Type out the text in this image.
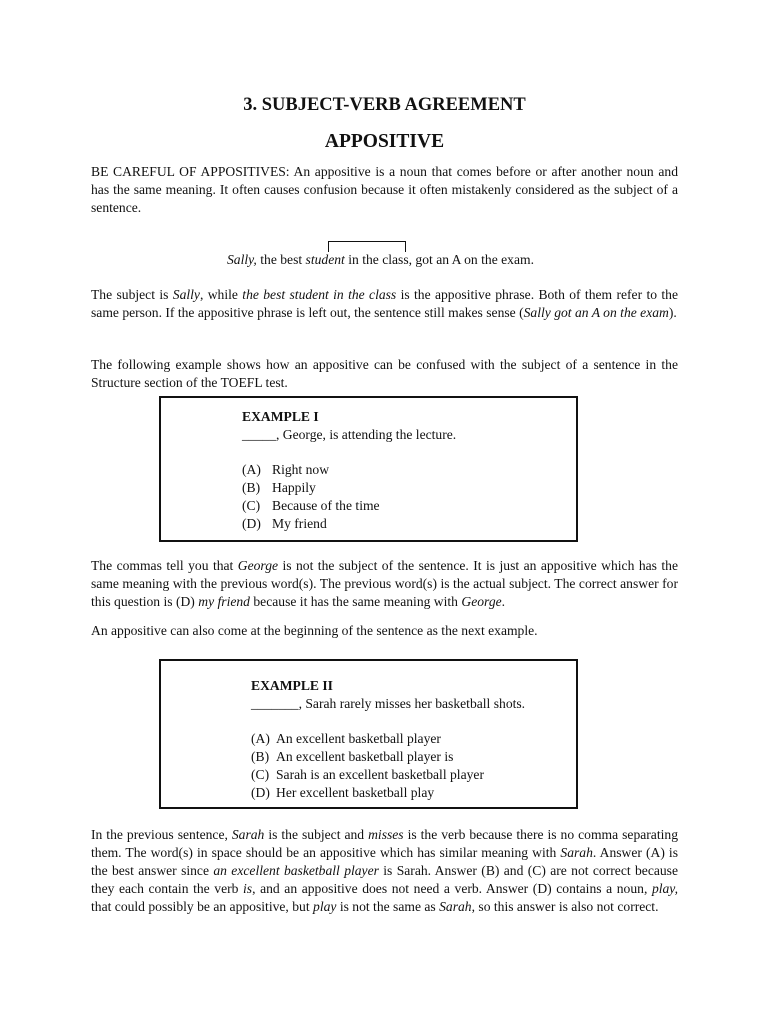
3. SUBJECT-VERB AGREEMENT
APPOSITIVE

BE CAREFUL OF APPOSITIVES: An appositive is a noun that comes before or after another noun and has the same meaning. It often causes confusion because it often mistakenly considered as the subject of a sentence.

Sally, the best student in the class, got an A on the exam.

The subject is Sally, while the best student in the class is the appositive phrase. Both of them refer to the same person. If the appositive phrase is left out, the sentence still makes sense (Sally got an A on the exam).

The following example shows how an appositive can be confused with the subject of a sentence in the Structure section of the TOEFL test.

The commas tell you that George is not the subject of the sentence. It is just an appositive which has the same meaning with the previous word(s). The previous word(s) is the actual subject. The correct answer for this question is (D) my friend because it has the same meaning with George.

An appositive can also come at the beginning of the sentence as the next example.

In the previous sentence, Sarah is the subject and misses is the verb because there is no comma separating them. The word(s) in space should be an appositive which has similar meaning with Sarah. Answer (A) is the best answer since an excellent basketball player is Sarah. Answer (B) and (C) are not correct because they each contain the verb is, and an appositive does not need a verb. Answer (D) contains a noun, play, that could possibly be an appositive, but play is not the same as Sarah, so this answer is also not correct.

EXAMPLE I

_____, George, is attending the lecture.

(A) Right now
(B) Happily
(C) Because of the time
(D) My friend

EXAMPLE II

_______, Sarah rarely misses her basketball shots.

(A) An excellent basketball player
(B) An excellent basketball player is
(C) Sarah is an excellent basketball player
(D) Her excellent basketball play
